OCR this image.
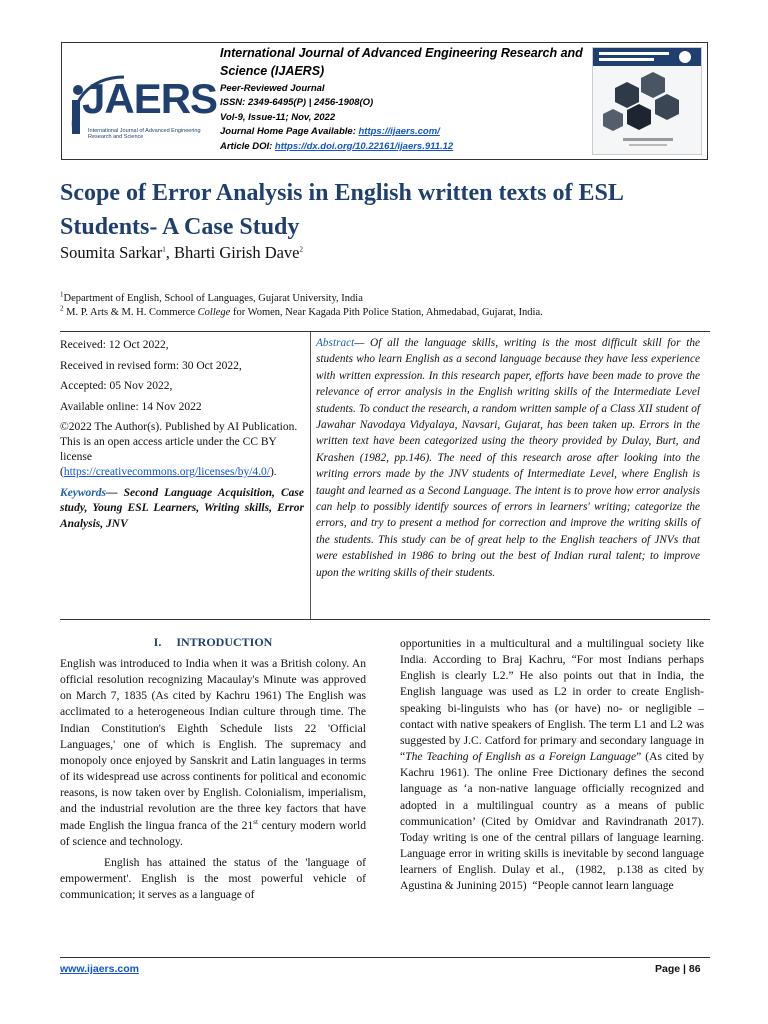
JAERS
International Journal of Advanced Engineering Research and Science
International Journal of Advanced Engineering Research and Science (IJAERS)
Peer-Reviewed Journal
ISSN: 2349-6495(P) | 2456-1908(O)
Vol-9, Issue-11; Nov, 2022
Journal Home Page Available: https://ijaers.com/
Article DOI: https://dx.doi.org/10.22161/ijaers.911.12
Scope of Error Analysis in English written texts of ESL Students- A Case Study
Soumita Sarkar$^1$, Bharti Girish Dave$^2$
$^1$Department of English, School of Languages, Gujarat University, India
$^2$ M. P. Arts & M. H. Commerce College for Women, Near Kagada Pith Police Station, Ahmedabad, Gujarat, India.

Received: 12 Oct 2022,

Received in revised form: 30 Oct 2022,

Accepted: 05 Nov 2022,

Available online: 14 Nov 2022

©2022 The Author(s). Published by AI Publication. This is an open access article under the CC BY license (https://creativecommons.org/licenses/by/4.0/).

Keywords— Second Language Acquisition, Case study, Young ESL Learners, Writing skills, Error Analysis, JNV

Abstract— Of all the language skills, writing is the most difficult skill for the students who learn English as a second language because they have less experience with written expression. In this research paper, efforts have been made to prove the relevance of error analysis in the English writing skills of the Intermediate Level students. To conduct the research, a random written sample of a Class XII student of Jawahar Navodaya Vidyalaya, Navsari, Gujarat, has been taken up. Errors in the written text have been categorized using the theory provided by Dulay, Burt, and Krashen (1982, pp.146). The need of this research arose after looking into the writing errors made by the JNV students of Intermediate Level, where English is taught and learned as a Second Language. The intent is to prove how error analysis can help to possibly identify sources of errors in learners' writing; categorize the errors, and try to present a method for correction and improve the writing skills of the students. This study can be of great help to the English teachers of JNVs that were established in 1986 to bring out the best of Indian rural talent; to improve upon the writing skills of their students.
I.     INTRODUCTION

English was introduced to India when it was a British colony. An official resolution recognizing Macaulay's Minute was approved on March 7, 1835 (As cited by Kachru 1961) The English was acclimated to a heterogeneous Indian culture through time. The Indian Constitution's Eighth Schedule lists 22 'Official Languages,' one of which is English. The supremacy and monopoly once enjoyed by Sanskrit and Latin languages in terms of its widespread use across continents for political and economic reasons, is now taken over by English. Colonialism, imperialism, and the industrial revolution are the three key factors that have made English the lingua franca of the 21st century modern world of science and technology.

English has attained the status of the 'language of empowerment'. English is the most powerful vehicle of communication; it serves as a language of

opportunities in a multicultural and a multilingual society like India. According to Braj Kachru, “For most Indians perhaps English is clearly L2.” He also points out that in India, the English language was used as L2 in order to create English-speaking bi-linguists who has (or have) no- or negligible –contact with native speakers of English. The term L1 and L2 was suggested by J.C. Catford for primary and secondary language in “The Teaching of English as a Foreign Language” (As cited by Kachru 1961). The online Free Dictionary defines the second language as ‘a non-native language officially recognized and adopted in a multilingual country as a means of public communication’ (Cited by Omidvar and Ravindranath 2017). Today writing is one of the central pillars of language learning. Language error in writing skills is inevitable by second language learners of English. Dulay et al.,  (1982,  p.138 as cited by Agustina & Junining 2015)  “People cannot learn language

www.ijaers.com	Page | 86
